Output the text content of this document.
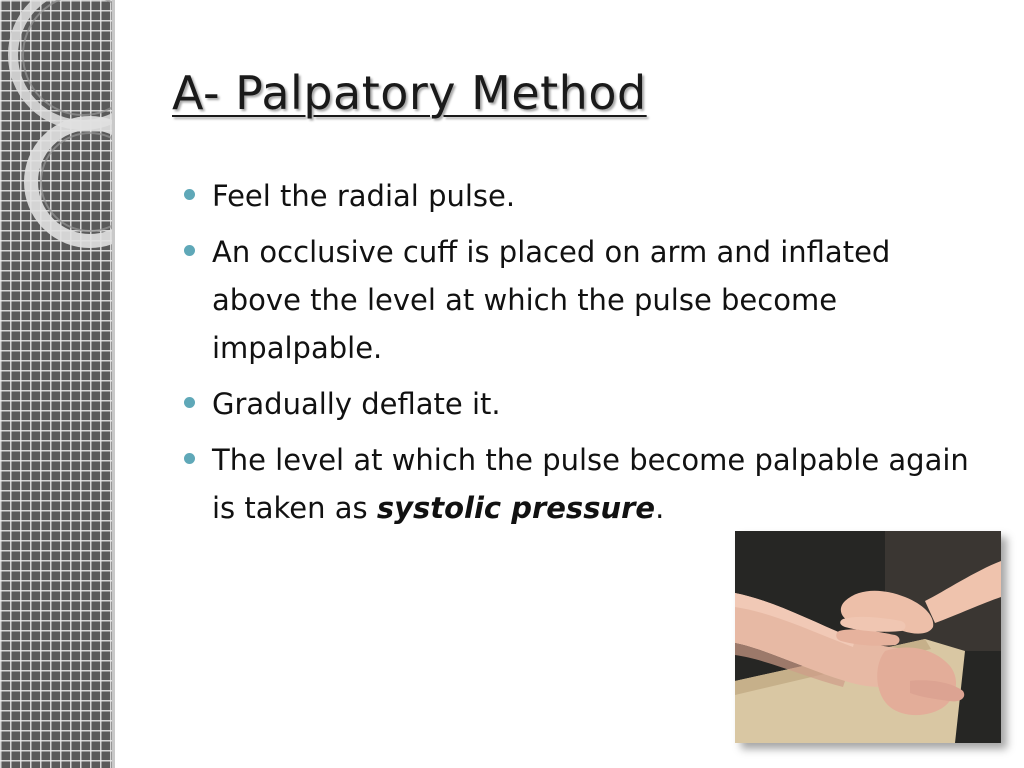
A- Palpatory Method
Feel the radial pulse.
An occlusive cuff is placed on arm and inflated above the level at which the pulse become impalpable.
Gradually deflate it.
The level at which the pulse become palpable again is taken as systolic pressure.
